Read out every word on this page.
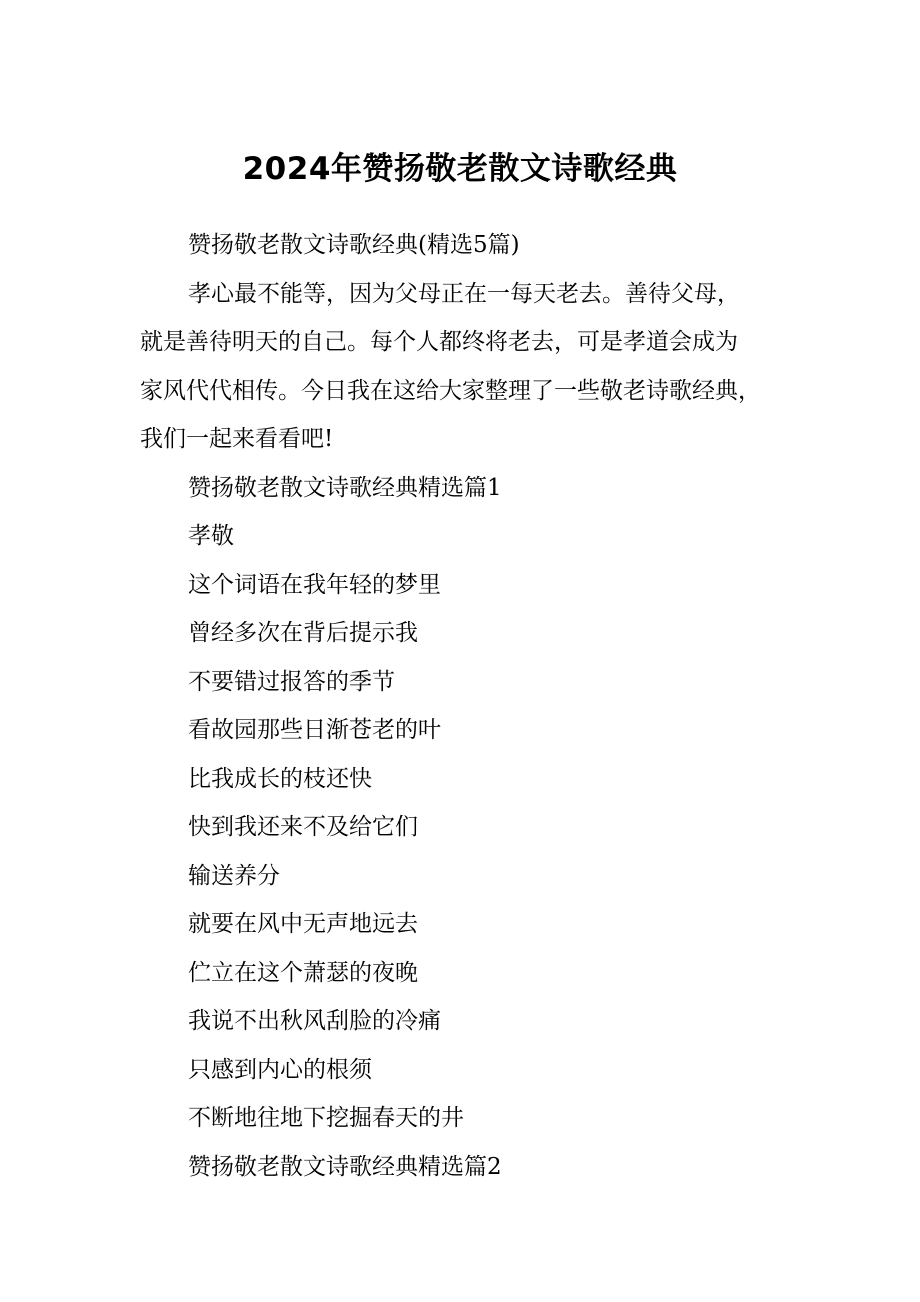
2024年赞扬敬老散文诗歌经典

赞扬敬老散文诗歌经典(精选5篇)

孝心最不能等，因为父母正在一每天老去。善待父母，
就是善待明天的自己。每个人都终将老去，可是孝道会成为
家风代代相传。今日我在这给大家整理了一些敬老诗歌经典，
我们一起来看看吧!

赞扬敬老散文诗歌经典精选篇1

孝敬

这个词语在我年轻的梦里

曾经多次在背后提示我

不要错过报答的季节

看故园那些日渐苍老的叶

比我成长的枝还快

快到我还来不及给它们

输送养分

就要在风中无声地远去

伫立在这个萧瑟的夜晚

我说不出秋风刮脸的冷痛

只感到内心的根须

不断地往地下挖掘春天的井

赞扬敬老散文诗歌经典精选篇2
